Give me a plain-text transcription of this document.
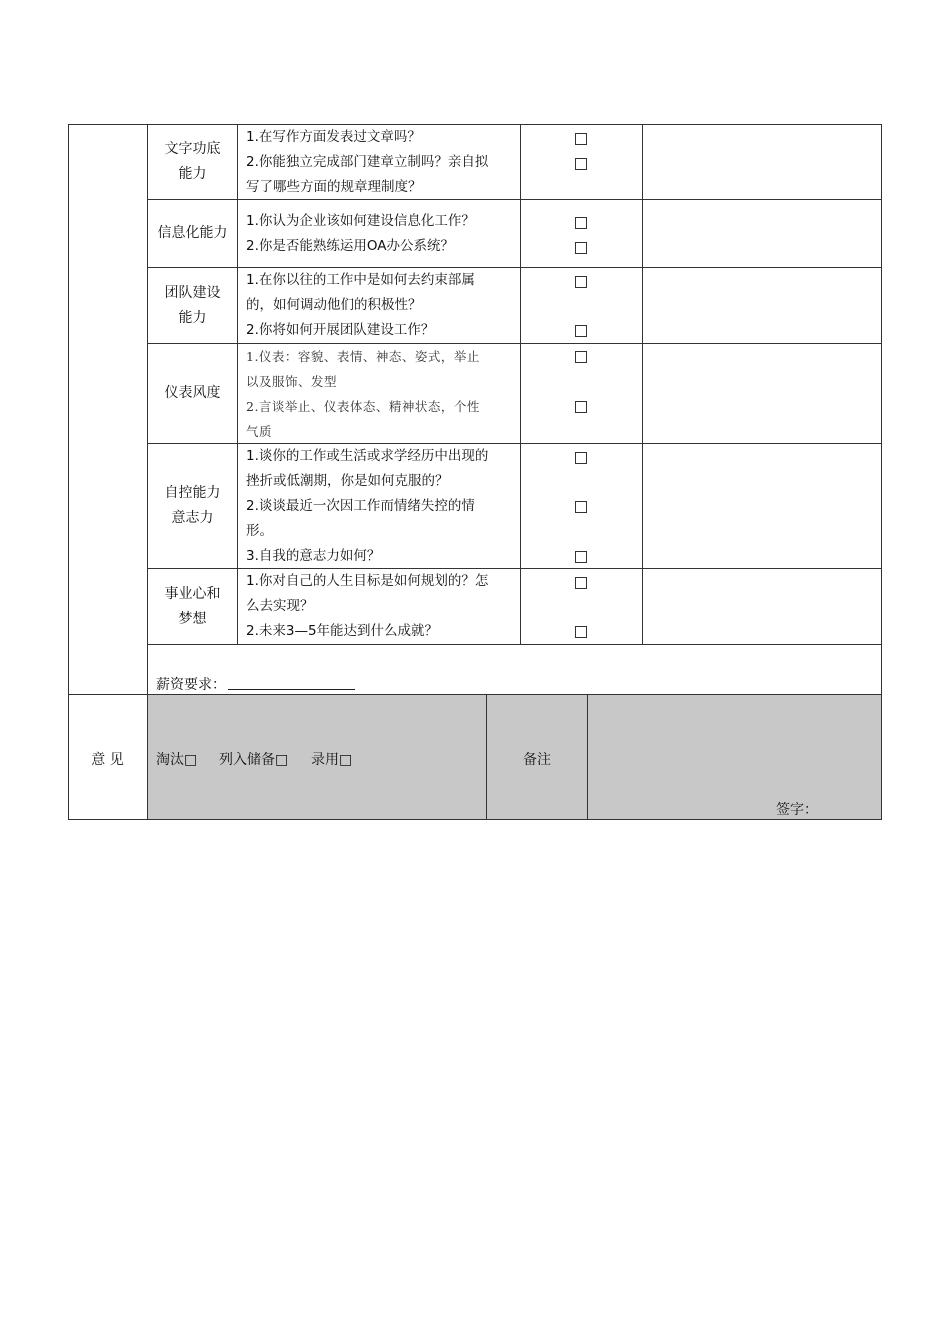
文字功底
能力
1.在写作方面发表过文章吗？
2.你能独立完成部门建章立制吗？亲自拟
写了哪些方面的规章理制度？
信息化能力
1.你认为企业该如何建设信息化工作？
2.你是否能熟练运用OA办公系统？
团队建设
能力
1.在你以往的工作中是如何去约束部属
的，如何调动他们的积极性？
2.你将如何开展团队建设工作？
仪表风度
1.仪表：容貌、表情、神态、姿式，举止
以及服饰、发型
2.言谈举止、仪表体态、精神状态，个性
气质
自控能力
意志力
1.谈你的工作或生活或求学经历中出现的
挫折或低潮期，你是如何克服的？
2.谈谈最近一次因工作而情绪失控的情
形。
3.自我的意志力如何？
事业心和
梦想
1.你对自己的人生目标是如何规划的？怎
么去实现？
2.未来3—5年能达到什么成就？
薪资要求：
意 见	淘汰□ 列入储备□ 录用□	备注
签字：
